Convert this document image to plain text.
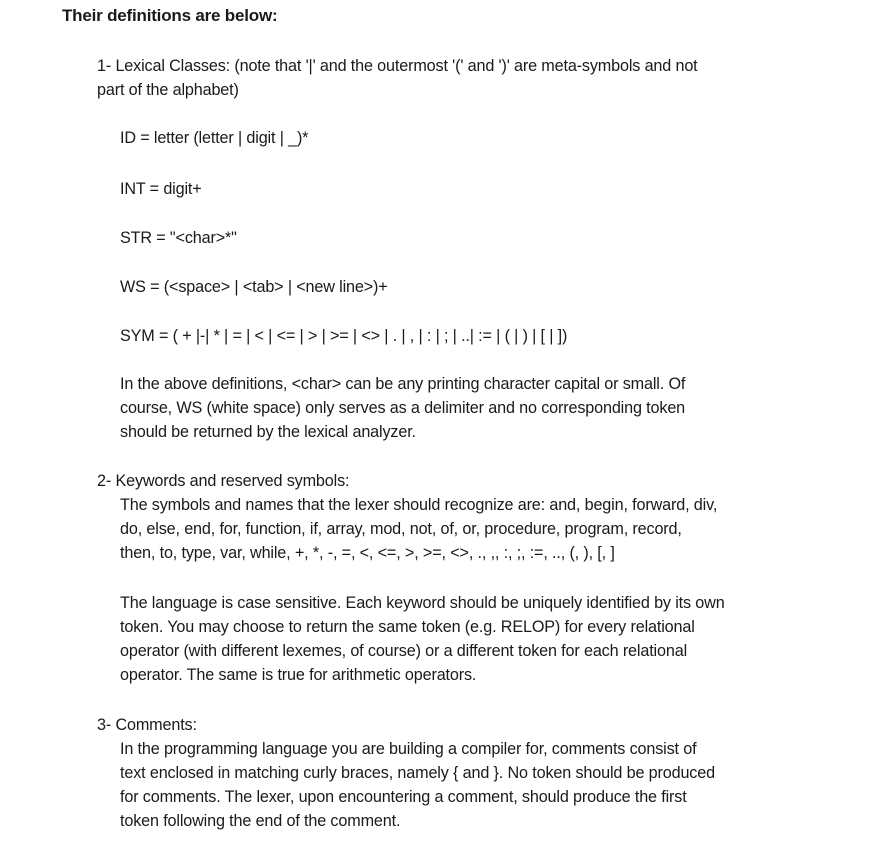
Their definitions are below:
1- Lexical Classes: (note that '|' and the outermost '(' and ')' are meta-symbols and not
part of the alphabet)
ID = letter (letter | digit | _)*
INT = digit+
STR = "<char>*"
WS = (<space> | <tab> | <new line>)+
SYM = ( + |-| * | = | < | <= | > | >= | <> | . | , | : | ; | ..| := | ( | ) | [ | ])
In the above definitions, <char> can be any printing character capital or small. Of
course, WS (white space) only serves as a delimiter and no corresponding token
should be returned by the lexical analyzer.
2- Keywords and reserved symbols:
The symbols and names that the lexer should recognize are: and, begin, forward, div,
do, else, end, for, function, if, array, mod, not, of, or, procedure, program, record,
then, to, type, var, while, +, *, -, =, <, <=, >, >=, <>, ., ,, :, ;, :=, .., (, ), [, ]
The language is case sensitive. Each keyword should be uniquely identified by its own
token. You may choose to return the same token (e.g. RELOP) for every relational
operator (with different lexemes, of course) or a different token for each relational
operator. The same is true for arithmetic operators.
3- Comments:
In the programming language you are building a compiler for, comments consist of
text enclosed in matching curly braces, namely { and }. No token should be produced
for comments. The lexer, upon encountering a comment, should produce the first
token following the end of the comment.
